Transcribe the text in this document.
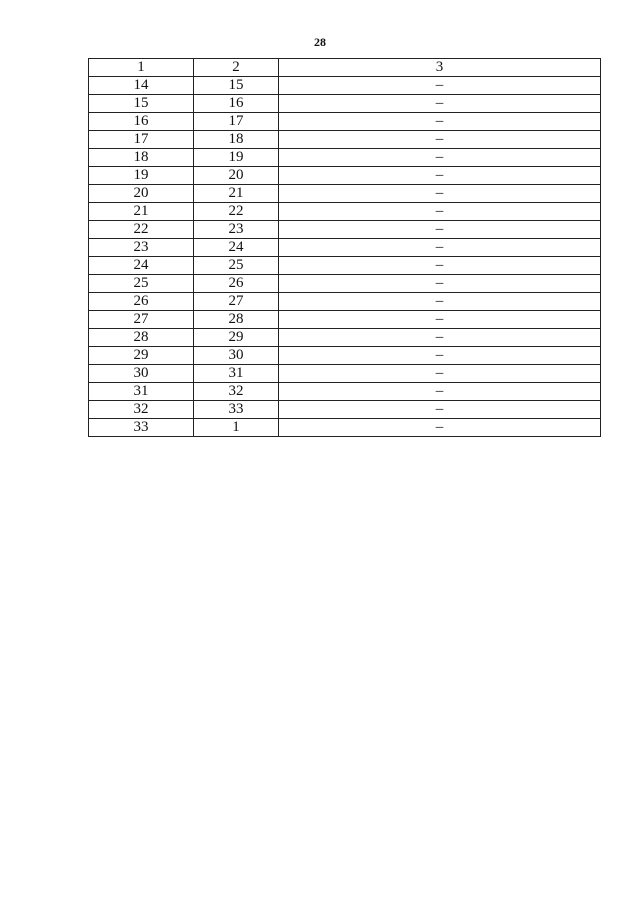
28
1	2	3
14	15	–
15	16	–
16	17	–
17	18	–
18	19	–
19	20	–
20	21	–
21	22	–
22	23	–
23	24	–
24	25	–
25	26	–
26	27	–
27	28	–
28	29	–
29	30	–
30	31	–
31	32	–
32	33	–
33	1	–
